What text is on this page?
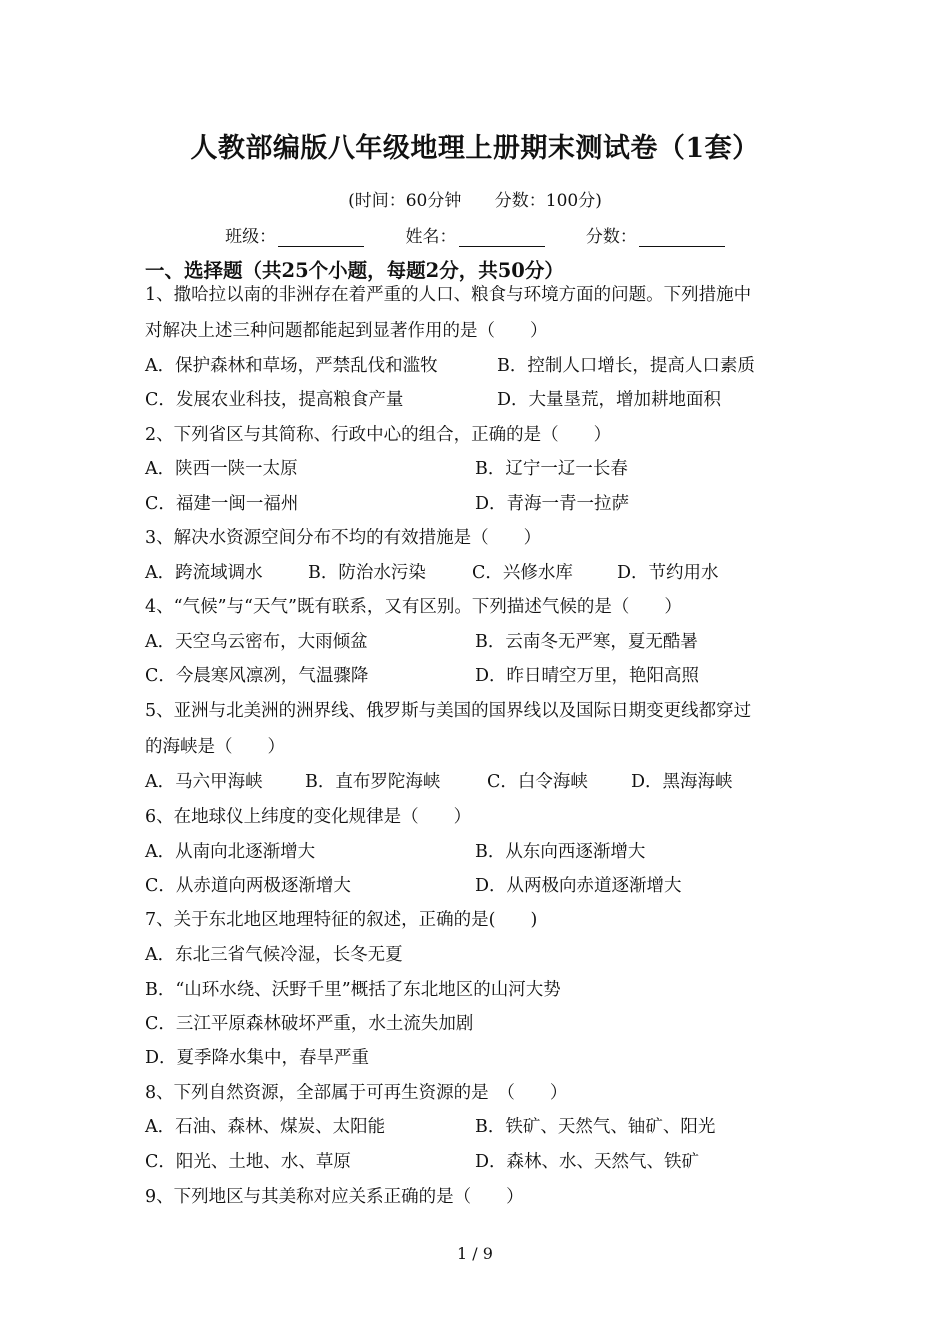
人教部编版八年级地理上册期末测试卷（1套）
(时间：60分钟 分数：100分)
班级：	姓名：	分数：
一、选择题（共25个小题，每题2分，共50分）
1、撒哈拉以南的非洲存在着严重的人口、粮食与环境方面的问题。下列措施中
对解决上述三种问题都能起到显著作用的是（　　）
A．保护森林和草场，严禁乱伐和滥牧	B．控制人口增长，提高人口素质
C．发展农业科技，提高粮食产量	D．大量垦荒，增加耕地面积
2、下列省区与其简称、行政中心的组合，正确的是（　　）
A．陕西一陕一太原	B．辽宁一辽一长春
C．福建一闽一福州	D．青海一青一拉萨
3、解决水资源空间分布不均的有效措施是（　　）
A．跨流域调水	B．防治水污染	C．兴修水库	D．节约用水
4、“气候”与“天气”既有联系，又有区别。下列描述气候的是（　　）
A．天空乌云密布，大雨倾盆	B．云南冬无严寒，夏无酷暑
C．今晨寒风凛冽，气温骤降	D．昨日晴空万里，艳阳高照
5、亚洲与北美洲的洲界线、俄罗斯与美国的国界线以及国际日期变更线都穿过
的海峡是（　　）
A．马六甲海峡 B．直布罗陀海峡	C．白令海峡 D．黑海海峡
6、在地球仪上纬度的变化规律是（　　）
A．从南向北逐渐增大	B．从东向西逐渐增大
C．从赤道向两极逐渐增大	D．从两极向赤道逐渐增大
7、关于东北地区地理特征的叙述，正确的是(　　)
A．东北三省气候冷湿，长冬无夏
B．“山环水绕、沃野千里”概括了东北地区的山河大势
C．三江平原森林破坏严重，水土流失加剧
D．夏季降水集中，春旱严重
8、下列自然资源，全部属于可再生资源的是　（　　）
A．石油、森林、煤炭、太阳能	B．铁矿、天然气、铀矿、阳光
C．阳光、土地、水、草原	D．森林、水、天然气、铁矿
9、下列地区与其美称对应关系正确的是（　　）
1 / 9
